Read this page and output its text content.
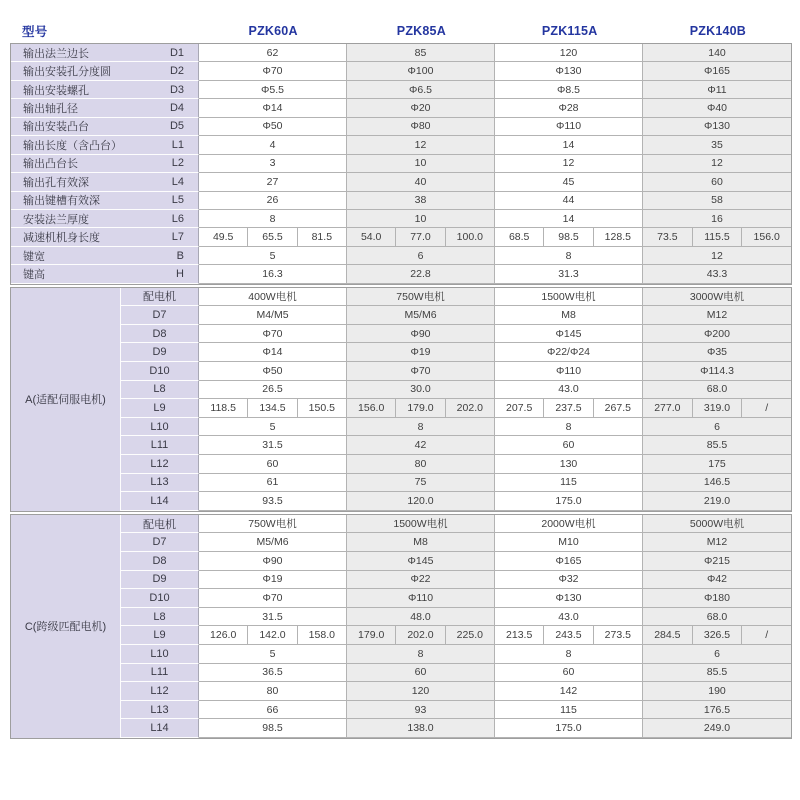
型号	PZK60A	PZK85A	PZK115A	PZK140B
输出法兰边长	D1	62	85	120	140
输出安装孔分度圆	D2	Φ70	Φ100	Φ130	Φ165
输出安装螺孔	D3	Φ5.5	Φ6.5	Φ8.5	Φ11
输出轴孔径	D4	Φ14	Φ20	Φ28	Φ40
输出安装凸台	D5	Φ50	Φ80	Φ110	Φ130
输出长度（含凸台）	L1	4	12	14	35
输出凸台长	L2	3	10	12	12
输出孔有效深	L4	27	40	45	60
输出键槽有效深	L5	26	38	44	58
安装法兰厚度	L6	8	10	14	16
减速机机身长度	L7	49.5	65.5	81.5	54.0	77.0	100.0	68.5	98.5	128.5	73.5	115.5	156.0
键宽	B	5	6	8	12
键高	H	16.3	22.8	31.3	43.3
A(适配伺服电机)
配电机	400W电机	750W电机	1500W电机	3000W电机
D7	M4/M5	M5/M6	M8	M12
D8	Φ70	Φ90	Φ145	Φ200
D9	Φ14	Φ19	Φ22/Φ24	Φ35
D10	Φ50	Φ70	Φ110	Φ114.3
L8	26.5	30.0	43.0	68.0
L9	118.5	134.5	150.5	156.0	179.0	202.0	207.5	237.5	267.5	277.0	319.0	/
L10	5	8	8	6
L11	31.5	42	60	85.5
L12	60	80	130	175
L13	61	75	115	146.5
L14	93.5	120.0	175.0	219.0
C(跨级匹配电机)
配电机	750W电机	1500W电机	2000W电机	5000W电机
D7	M5/M6	M8	M10	M12
D8	Φ90	Φ145	Φ165	Φ215
D9	Φ19	Φ22	Φ32	Φ42
D10	Φ70	Φ110	Φ130	Φ180
L8	31.5	48.0	43.0	68.0
L9	126.0	142.0	158.0	179.0	202.0	225.0	213.5	243.5	273.5	284.5	326.5	/
L10	5	8	8	6
L11	36.5	60	60	85.5
L12	80	120	142	190
L13	66	93	115	176.5
L14	98.5	138.0	175.0	249.0
